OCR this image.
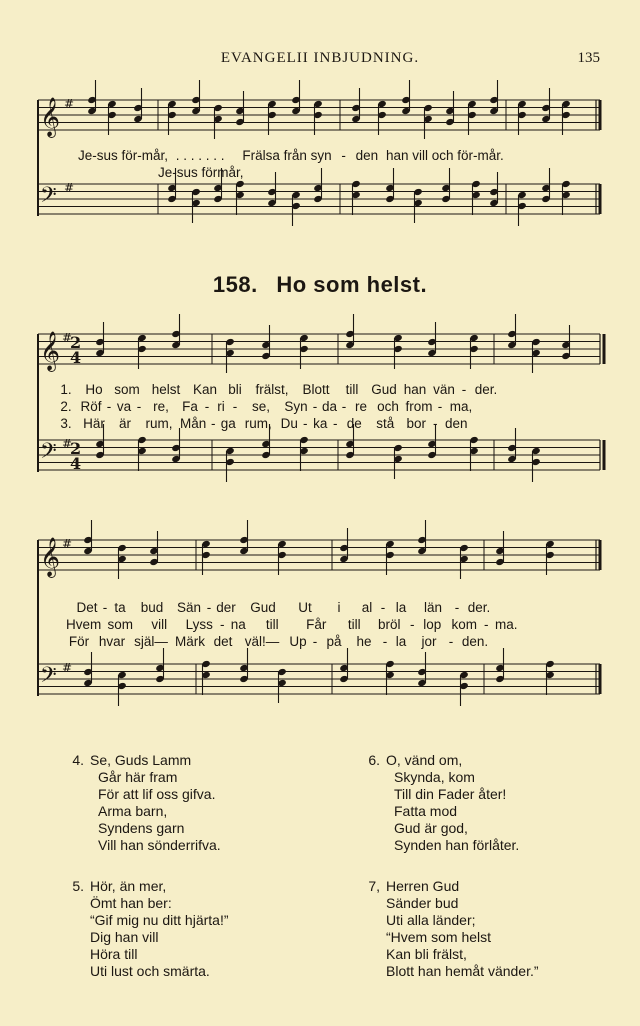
EVANGELII INBJUDNING.	135
𝄞
𝄢
𝄞
𝄢
𝄞
𝄢
2
4
2
4
#
#
#
#
#
#
Je-sus för-mår, . . . . . . . Frälsa från syn - den han vill och för-mår.
Je-sus förmår,
158. Ho som helst.
1. Ho som helst Kan bli frälst, Blott till Gud han vän - der.
2. Röf - va - re, Fa - ri - se, Syn - da - re och from - ma,
3. Här är rum, Mån - ga rum, Du - ka - de stå bor - den
Det - ta bud Sän - der Gud Ut i al - la län - der.
Hvem som vill Lyss - na till Får till bröl - lop kom - ma.
För hvar själ— Märk det väl!— Up - på he - la jor - den.
4. Se, Guds Lamm
Går här fram
För att lif oss gifva.
Arma barn,
Syndens garn
Vill han sönderrifva.
6. O, vänd om,
Skynda, kom
Till din Fader åter!
Fatta mod
Gud är god,
Synden han förlåter.
5. Hör, än mer,
Ömt han ber:
“Gif mig nu ditt hjärta!”
Dig han vill
Höra till
Uti lust och smärta.
7, Herren Gud
Sänder bud
Uti alla länder;
“Hvem som helst
Kan bli frälst,
Blott han hemåt vänder.”
